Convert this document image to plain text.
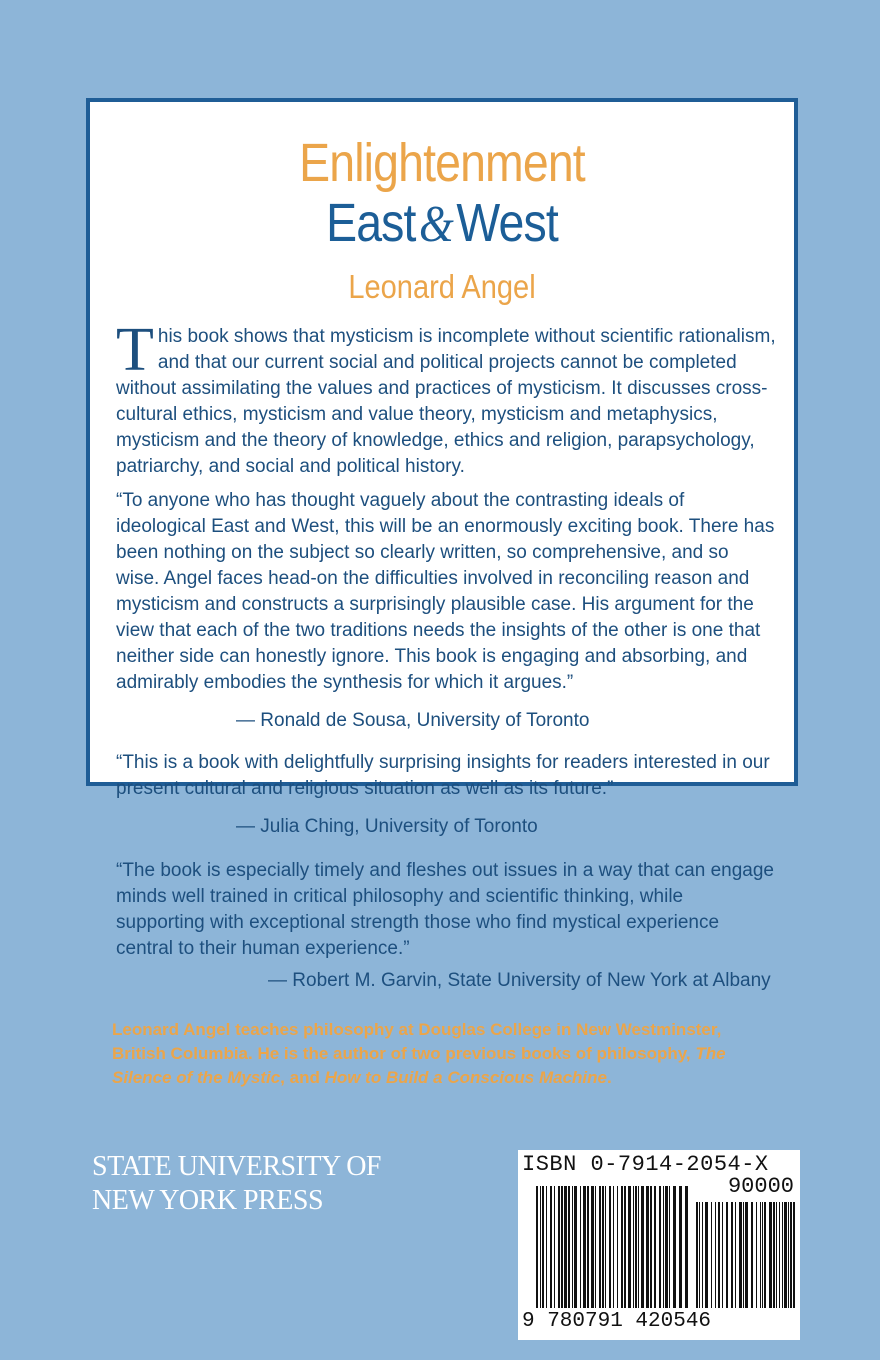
Enlightenment
East&West
Leonard Angel
This book shows that mysticism is incomplete without scientific rationalism, and that our current social and political projects cannot be completed without assimilating the values and practices of mysticism. It discusses cross-cultural ethics, mysticism and value theory, mysticism and metaphysics, mysticism and the theory of knowledge, ethics and religion, parapsychology, patriarchy, and social and political history.
“To anyone who has thought vaguely about the contrasting ideals of ideological East and West, this will be an enormously exciting book. There has been nothing on the subject so clearly written, so comprehensive, and so wise. Angel faces head-on the difficulties involved in reconciling reason and mysticism and constructs a surprisingly plausible case. His argument for the view that each of the two traditions needs the insights of the other is one that neither side can honestly ignore. This book is engaging and absorbing, and admirably embodies the synthesis for which it argues.”
— Ronald de Sousa, University of Toronto
“This is a book with delightfully surprising insights for readers interested in our present cultural and religious situation as well as its future.”
— Julia Ching, University of Toronto
“The book is especially timely and fleshes out issues in a way that can engage minds well trained in critical philosophy and scientific thinking, while supporting with exceptional strength those who find mystical experience central to their human experience.”
— Robert M. Garvin, State University of New York at Albany
Leonard Angel teaches philosophy at Douglas College in New Westminster, British Columbia. He is the author of two previous books of philosophy, The Silence of the Mystic, and How to Build a Conscious Machine.
STATE UNIVERSITY OF
NEW YORK PRESS
ISBN 0-7914-2054-X
90000
9 780791 420546
